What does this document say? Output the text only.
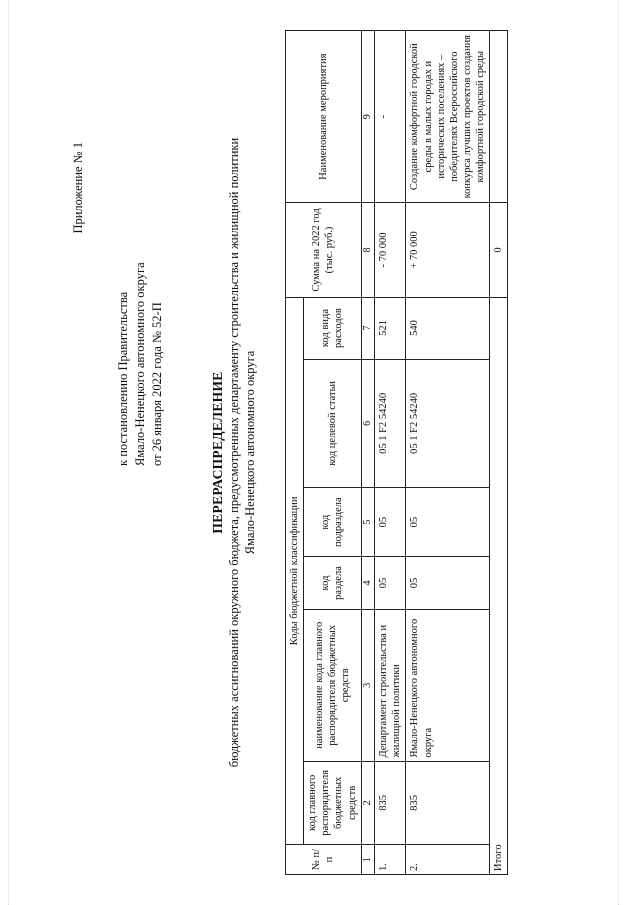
Приложение № 1
к постановлению Правительства Ямало-Ненецкого автономного округа от 26 января 2022 года № 52-П	ПЕРЕРАСПРЕДЕЛЕНИЕ бюджетных ассигнований окружного бюджета, предусмотренных департаменту строительства и жилищной политики Ямало-Ненецкого автономного округа
№ п/п	Коды бюджетной классификации						Сумма на 2022 год (тыс. руб.)	Наименование мероприятия
	код главного распорядителя бюджетных средств	наименование кода главного распорядителя бюджетных средств	код раздела	код подраздела	код целевой статьи	код вида расходов		
1	2	3	4	5	6	7	8	9
1.	835	Департамент строительства и жилищной политики	05	05	05 1 F2 54240	521	- 70 000	-
2.	835	Ямало-Ненецкого автономного округа	05	05	05 1 F2 54240	540	+ 70 000	Создание комфортной городской среды в малых городах и исторических поселениях – победителях Всероссийского конкурса лучших проектов создания комфортной городской среды
Итого							0	
